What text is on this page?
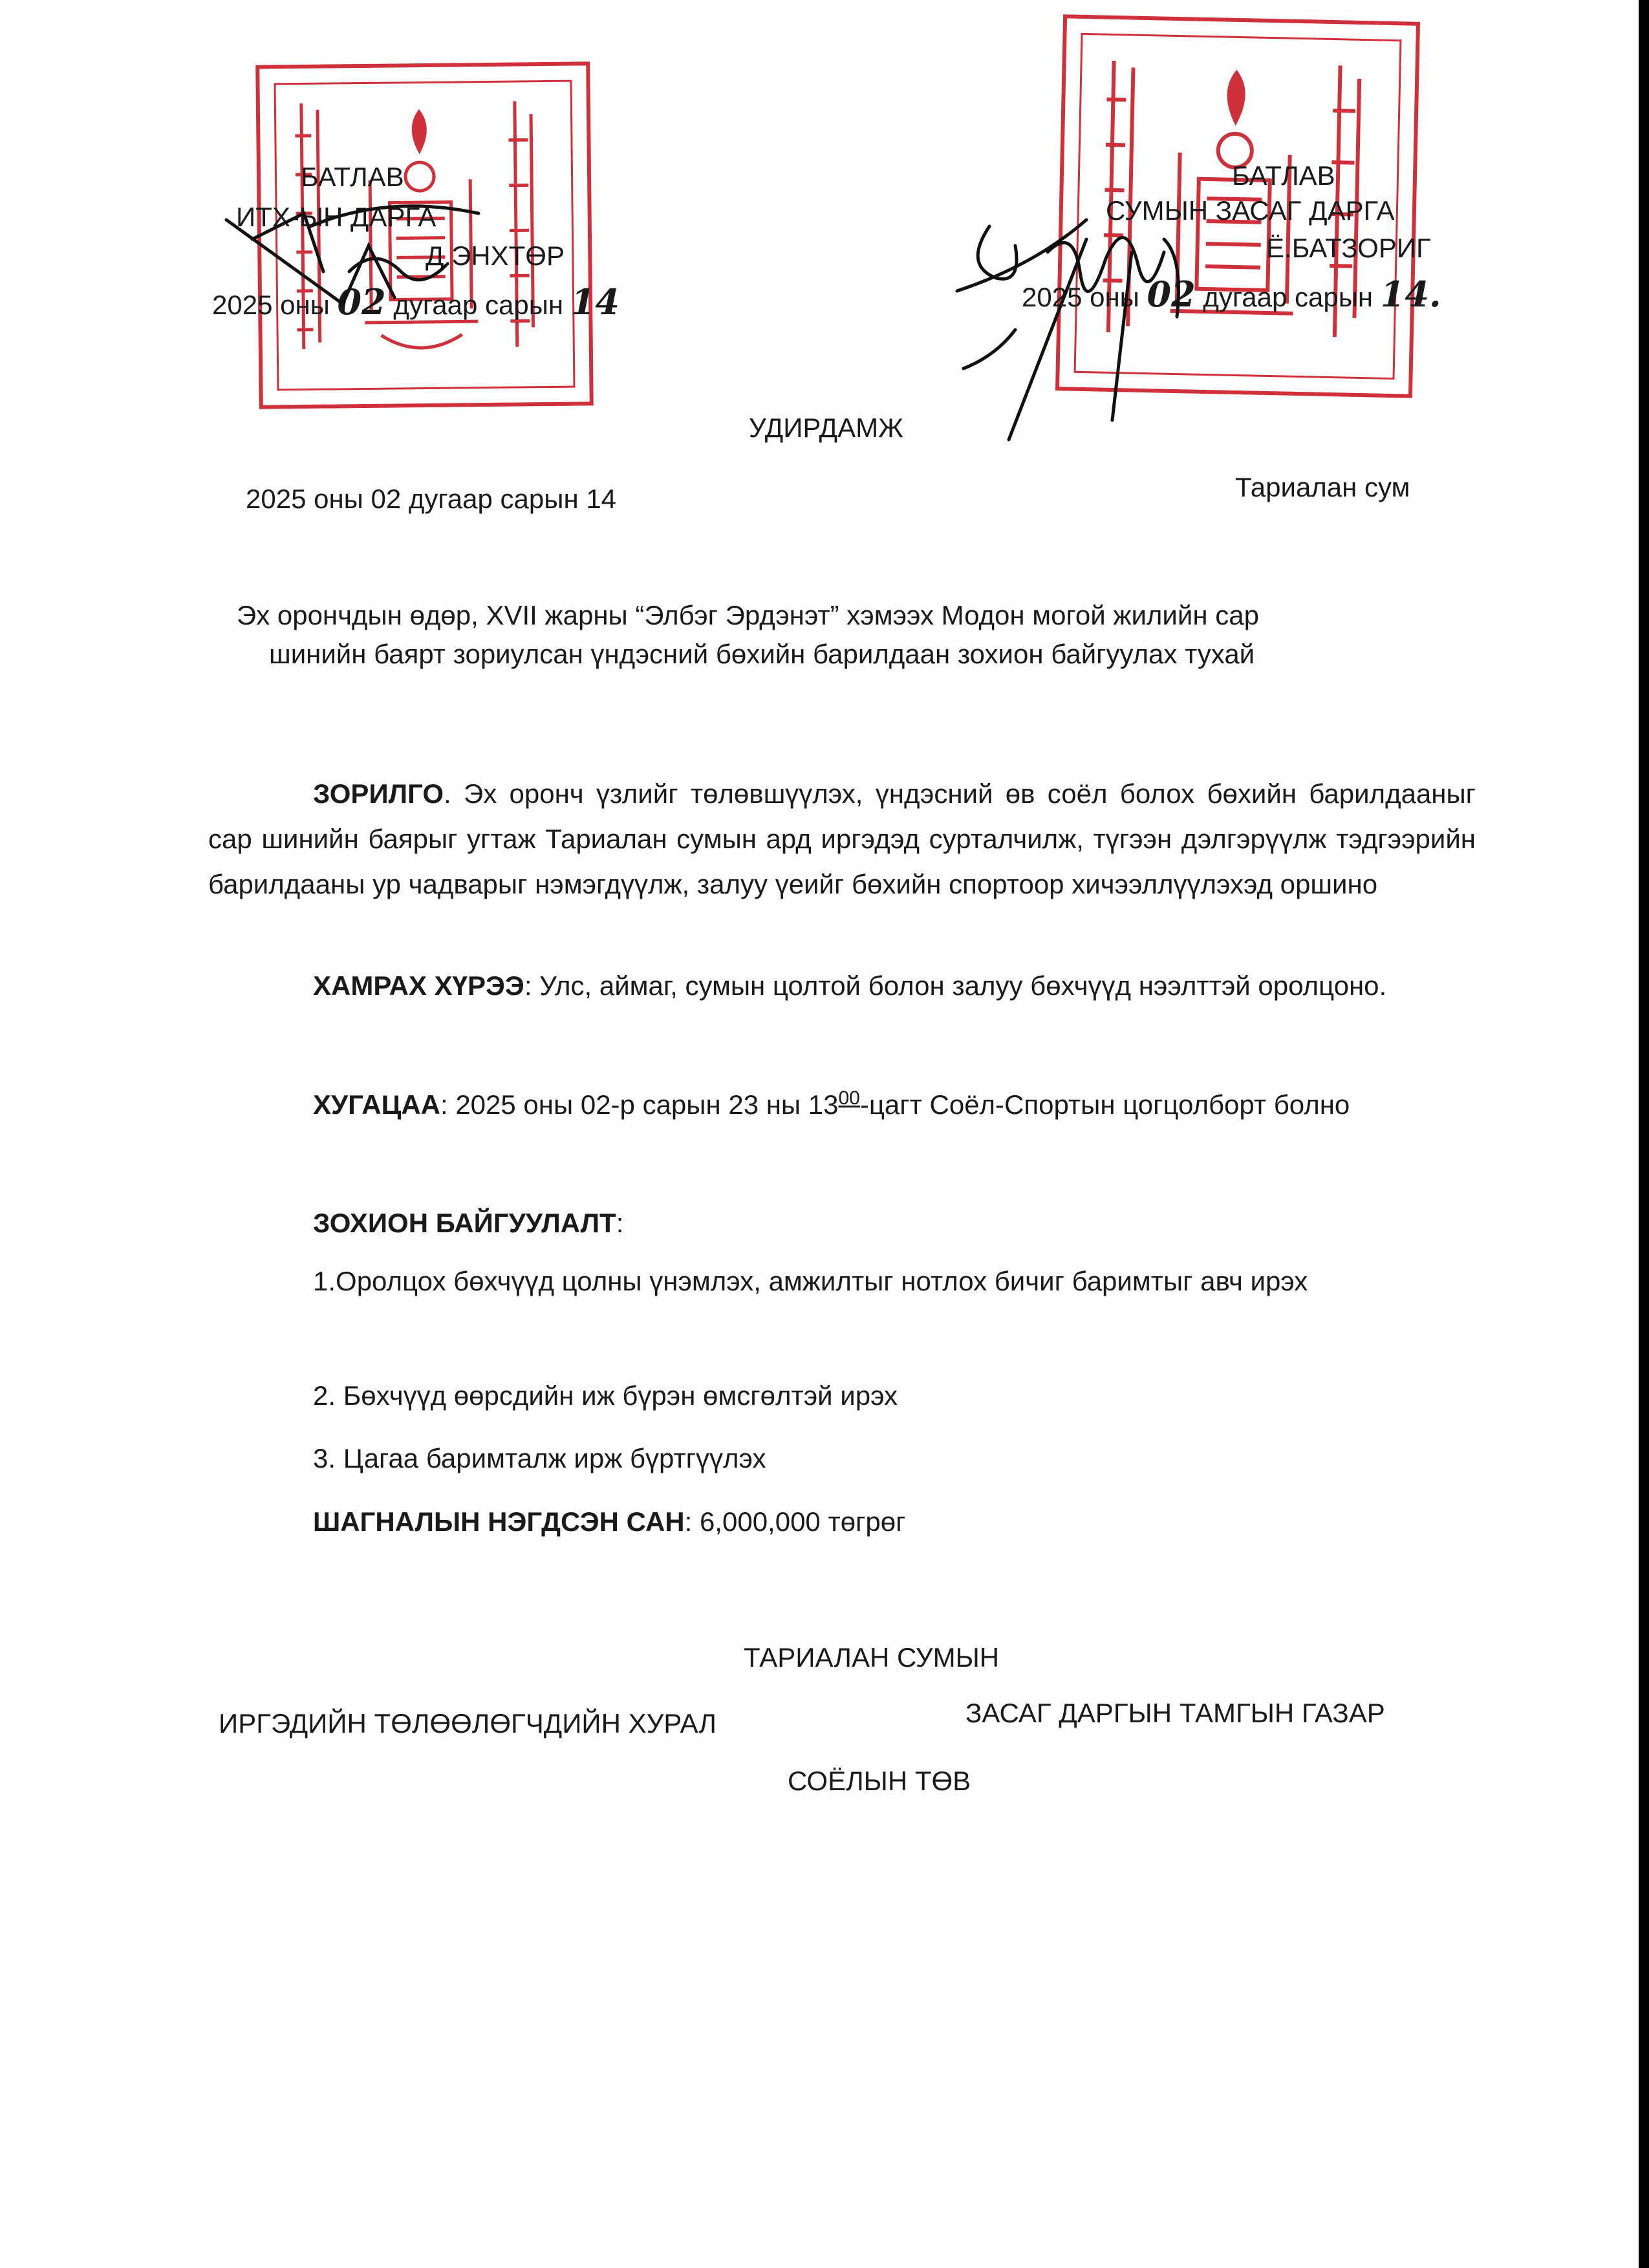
БАТЛАВ
ИТХ-ЫН ДАРГА
Д.ЭНХТӨР
2025 оны 02 дугаар сарын 14
БАТЛАВ
СУМЫН ЗАСАГ ДАРГА
Ё.БАТЗОРИГ
2025 оны 02 дугаар сарын 14.
УДИРДАМЖ
2025 оны 02 дугаар сарын 14	Тариалан сум
Эх орончдын өдөр, XVII жарны “Элбэг Эрдэнэт” хэмээх Модон могой жилийн сар
шинийн баярт зориулсан үндэсний бөхийн барилдаан зохион байгуулах тухай
ЗОРИЛГО. Эх оронч үзлийг төлөвшүүлэх, үндэсний өв соёл болох бөхийн барилдааныг сар шинийн баярыг угтаж Тариалан сумын ард иргэдэд сурталчилж, түгээн дэлгэрүүлж тэдгээрийн барилдааны ур чадварыг нэмэгдүүлж, залуу үеийг бөхийн спортоор хичээллүүлэхэд оршино
ХАМРАХ ХҮРЭЭ: Улс, аймаг, сумын цолтой болон залуу бөхчүүд нээлттэй оролцоно.
ХУГАЦАА: 2025 оны 02-р сарын 23 ны $13^{00}$-цагт Соёл-Спортын цогцолборт болно
ЗОХИОН БАЙГУУЛАЛТ:
1.Оролцох бөхчүүд цолны үнэмлэх, амжилтыг нотлох бичиг баримтыг авч ирэх
2. Бөхчүүд өөрсдийн иж бүрэн өмсгөлтэй ирэх
3. Цагаа баримталж ирж бүртгүүлэх
ШАГНАЛЫН НЭГДСЭН САН: 6,000,000 төгрөг
ТАРИАЛАН СУМЫН
ИРГЭДИЙН ТӨЛӨӨЛӨГЧДИЙН ХУРАЛ	ЗАСАГ ДАРГЫН ТАМГЫН ГАЗАР
СОЁЛЫН ТӨВ
